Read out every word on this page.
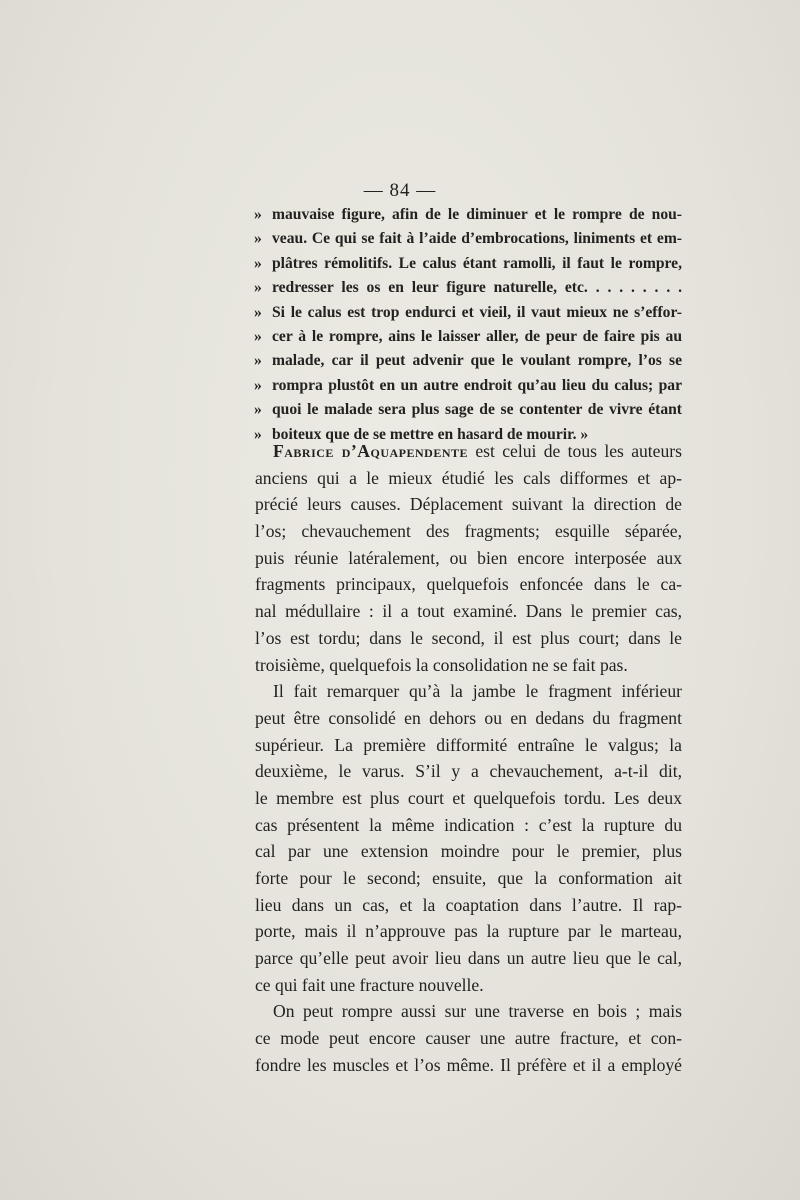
— 84 —
» mauvaise figure, afin de le diminuer et le rompre de nou-
» veau. Ce qui se fait à l’aide d’embrocations, liniments et em-
» plâtres rémolitifs. Le calus étant ramolli, il faut le rompre,
» redresser les os en leur figure naturelle, etc. . . . . . . . .
» Si le calus est trop endurci et vieil, il vaut mieux ne s’effor-
» cer à le rompre, ains le laisser aller, de peur de faire pis au
» malade, car il peut advenir que le voulant rompre, l’os se
» rompra plustôt en un autre endroit qu’au lieu du calus; par
» quoi le malade sera plus sage de se contenter de vivre étant
» boiteux que de se mettre en hasard de mourir. »
Fabrice d’Aquapendente est celui de tous les auteurs
anciens qui a le mieux étudié les cals difformes et ap-
précié leurs causes. Déplacement suivant la direction de
l’os; chevauchement des fragments; esquille séparée,
puis réunie latéralement, ou bien encore interposée aux
fragments principaux, quelquefois enfoncée dans le ca-
nal médullaire : il a tout examiné. Dans le premier cas,
l’os est tordu; dans le second, il est plus court; dans le
troisième, quelquefois la consolidation ne se fait pas.
Il fait remarquer qu’à la jambe le fragment inférieur
peut être consolidé en dehors ou en dedans du fragment
supérieur. La première difformité entraîne le valgus; la
deuxième, le varus. S’il y a chevauchement, a-t-il dit,
le membre est plus court et quelquefois tordu. Les deux
cas présentent la même indication : c’est la rupture du
cal par une extension moindre pour le premier, plus
forte pour le second; ensuite, que la conformation ait
lieu dans un cas, et la coaptation dans l’autre. Il rap-
porte, mais il n’approuve pas la rupture par le marteau,
parce qu’elle peut avoir lieu dans un autre lieu que le cal,
ce qui fait une fracture nouvelle.
On peut rompre aussi sur une traverse en bois ; mais
ce mode peut encore causer une autre fracture, et con-
fondre les muscles et l’os même. Il préfère et il a employé
